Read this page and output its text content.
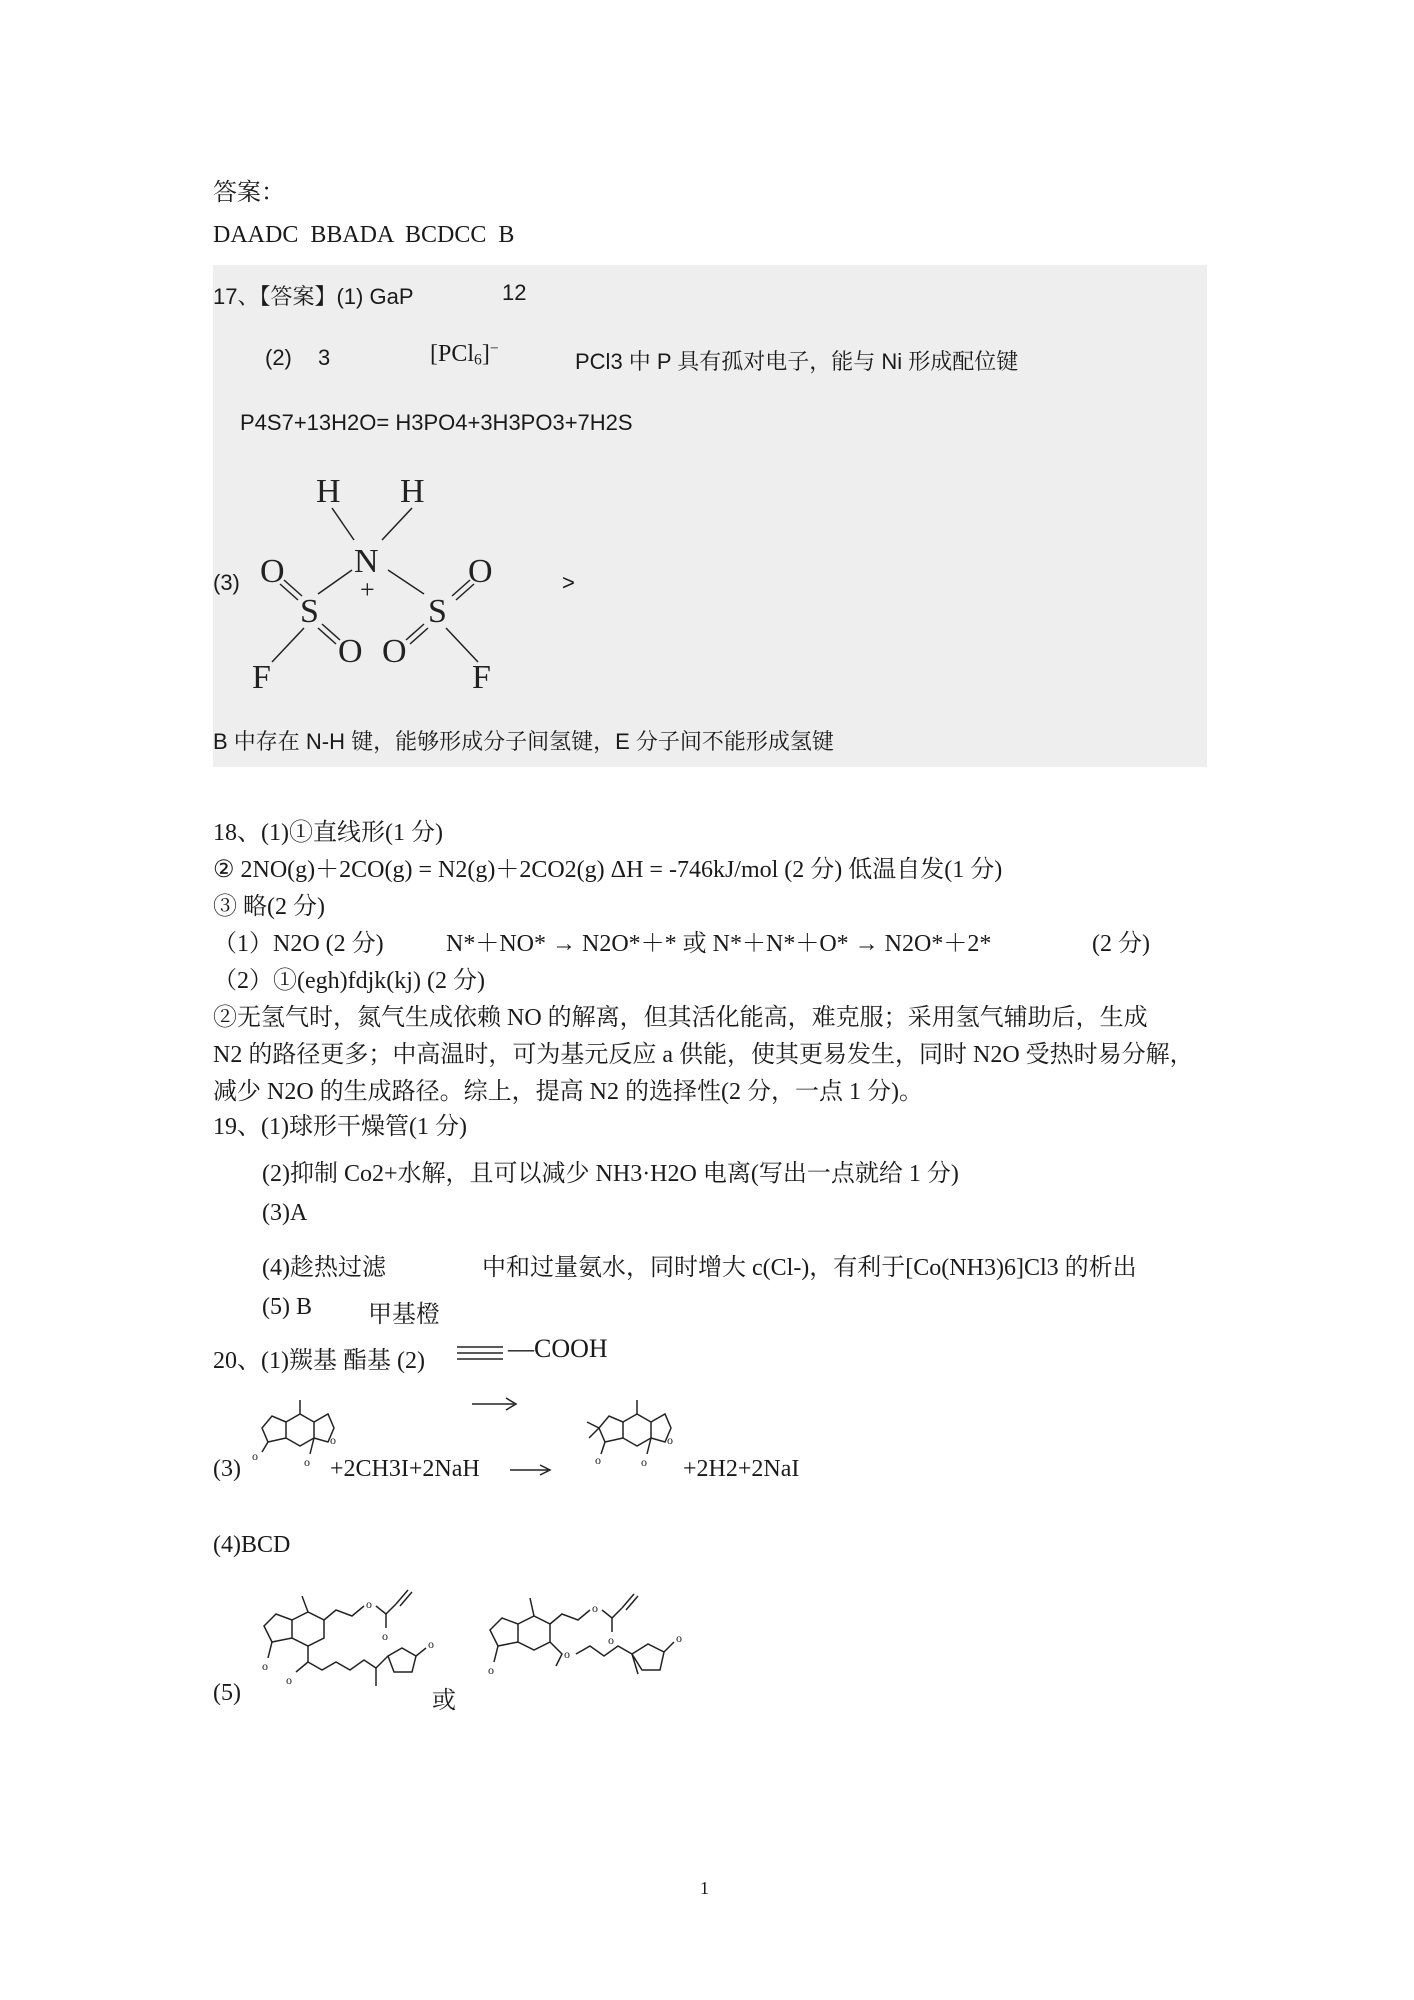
答案：
DAADC BBADA BCDCC B
17、【答案】(1) GaP	12
(2) 3	[PCl$_6$]−
PCl3 中 P 具有孤对电子，能与 Ni 形成配位键
P4S7+13H2O= H3PO4+3H3PO3+7H2S
(3)
H H
N
+
S	S
O
O
F
O
O
F
>
B 中存在 N-H 键，能够形成分子间氢键，E 分子间不能形成氢键
18、(1)①直线形(1 分)
② 2NO(g)＋2CO(g) = N2(g)＋2CO2(g) ΔH = -746kJ/mol (2 分) 低温自发(1 分)
③ 略(2 分)
（1）N2O (2 分)	N*＋NO* → N2O*＋* 或 N*＋N*＋O* → N2O*＋2*	(2 分)
（2）①(egh)fdjk(kj) (2 分)
②无氢气时，氮气生成依赖 NO 的解离，但其活化能高，难克服；采用氢气辅助后，生成
N2 的路径更多；中高温时，可为基元反应 a 供能，使其更易发生，同时 N2O 受热时易分解，
减少 N2O 的生成路径。综上，提高 N2 的选择性(2 分，一点 1 分)。
19、(1)球形干燥管(1 分)
(2)抑制 Co2+水解，且可以减少 NH3·H2O 电离(写出一点就给 1 分)
(3)A
(4)趁热过滤	中和过量氨水，同时增大 c(Cl-)，有利于[Co(NH3)6]Cl3 的析出
(5) B 甲基橙
20、(1)羰基 酯基 (2)	—COOH
(3) o
o
o +2CH3I+2NaH	o
o
o +2H2+2NaI
(4)BCD
(5)
o
o
o
o
o
或
o
o
o
o
o
1
